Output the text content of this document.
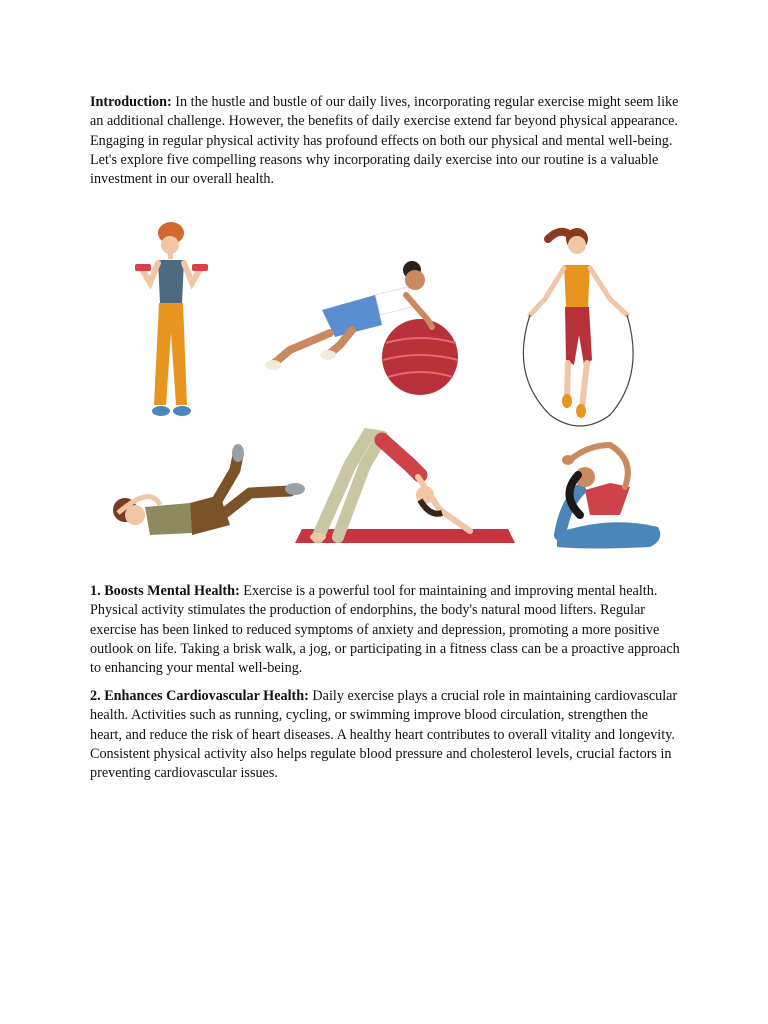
Introduction: In the hustle and bustle of our daily lives, incorporating regular exercise might seem like an additional challenge. However, the benefits of daily exercise extend far beyond physical appearance. Engaging in regular physical activity has profound effects on both our physical and mental well-being. Let's explore five compelling reasons why incorporating daily exercise into our routine is a valuable investment in our overall health.

1. Boosts Mental Health: Exercise is a powerful tool for maintaining and improving mental health. Physical activity stimulates the production of endorphins, the body's natural mood lifters. Regular exercise has been linked to reduced symptoms of anxiety and depression, promoting a more positive outlook on life. Taking a brisk walk, a jog, or participating in a fitness class can be a proactive approach to enhancing your mental well-being.

2. Enhances Cardiovascular Health: Daily exercise plays a crucial role in maintaining cardiovascular health. Activities such as running, cycling, or swimming improve blood circulation, strengthen the heart, and reduce the risk of heart diseases. A healthy heart contributes to overall vitality and longevity. Consistent physical activity also helps regulate blood pressure and cholesterol levels, crucial factors in preventing cardiovascular issues.
